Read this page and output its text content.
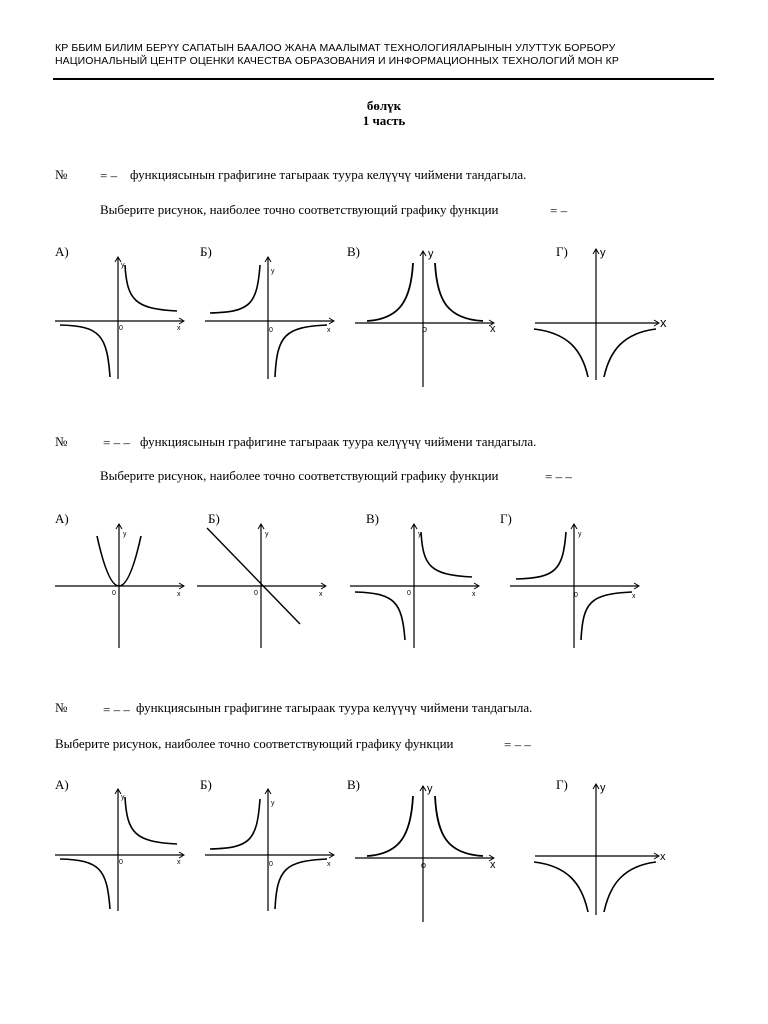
КР ББИМ БИЛИМ БЕРҮҮ САПАТЫН БААЛОО ЖАНА МААЛЫМАТ ТЕХНОЛОГИЯЛАРЫНЫН УЛУТТУК БОРБОРУ
НАЦИОНАЛЬНЫЙ ЦЕНТР ОЦЕНКИ КАЧЕСТВА ОБРАЗОВАНИЯ И ИНФОРМАЦИОННЫХ ТЕХНОЛОГИЙ МОН КР
бөлүк
1 часть
№	= – функциясынын графигине тагыраак туура келүүчү чиймени тандагыла.
Выберите рисунок, наиболее точно соответствующий графику функции	= –
А)	Б)	В)	Г)
y
x
0
y
x
0
y
x
o
y
x
№	= – – функциясынын графигине тагыраак туура келүүчү чиймени тандагыла.
Выберите рисунок, наиболее точно соответствующий графику функции	= – –
А)	Б)	В)	Г)
y
x
0
y
x
0
y
x
0
y
x
0
№	= – – функциясынын графигине тагыраак туура келүүчү чиймени тандагыла.
Выберите рисунок, наиболее точно соответствующий графику функции	= – –
А)	Б)	В)	Г)
y
x
0
y
x
0
y
x
o
y
x
